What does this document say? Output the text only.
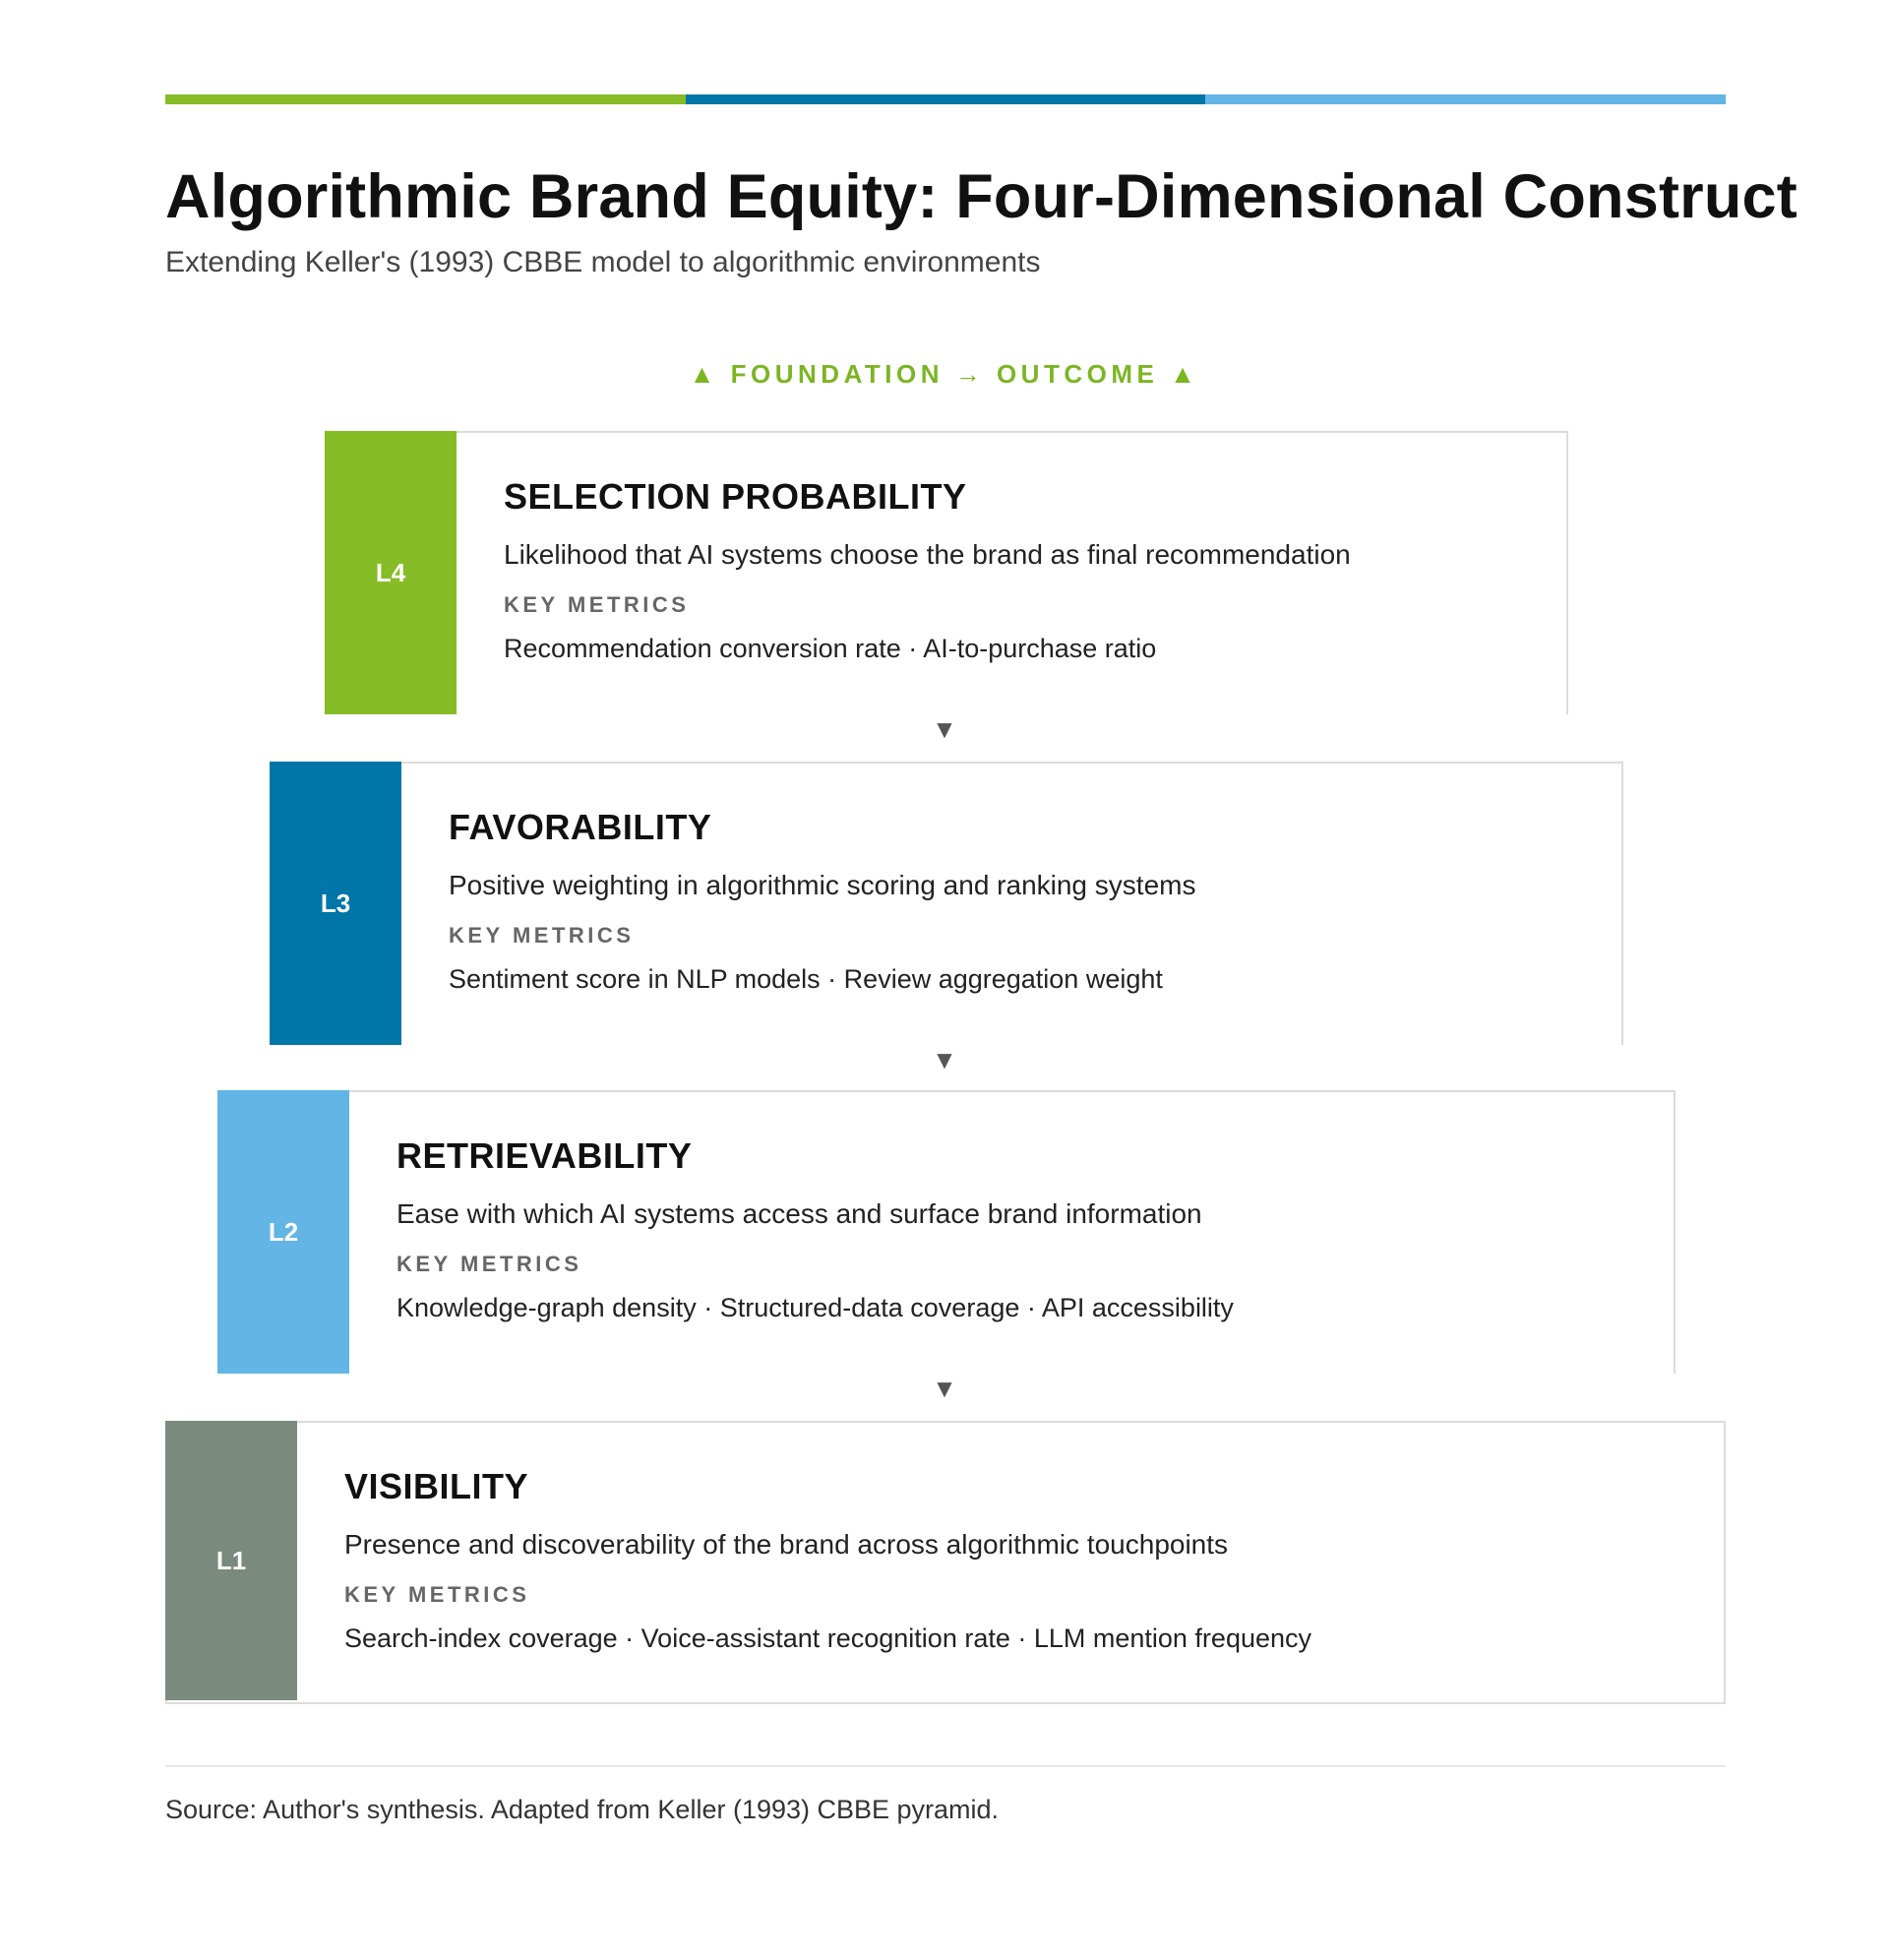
Algorithmic Brand Equity: Four-Dimensional Construct
Extending Keller's (1993) CBBE model to algorithmic environments
▲ FOUNDATION → OUTCOME ▲
L4
SELECTION PROBABILITY
Likelihood that AI systems choose the brand as final recommendation
KEY METRICS
Recommendation conversion rate · AI-to-purchase ratio
▼
L3
FAVORABILITY
Positive weighting in algorithmic scoring and ranking systems
KEY METRICS
Sentiment score in NLP models · Review aggregation weight
▼
L2
RETRIEVABILITY
Ease with which AI systems access and surface brand information
KEY METRICS
Knowledge-graph density · Structured-data coverage · API accessibility
▼
L1
VISIBILITY
Presence and discoverability of the brand across algorithmic touchpoints
KEY METRICS
Search-index coverage · Voice-assistant recognition rate · LLM mention frequency
Source: Author's synthesis. Adapted from Keller (1993) CBBE pyramid.
